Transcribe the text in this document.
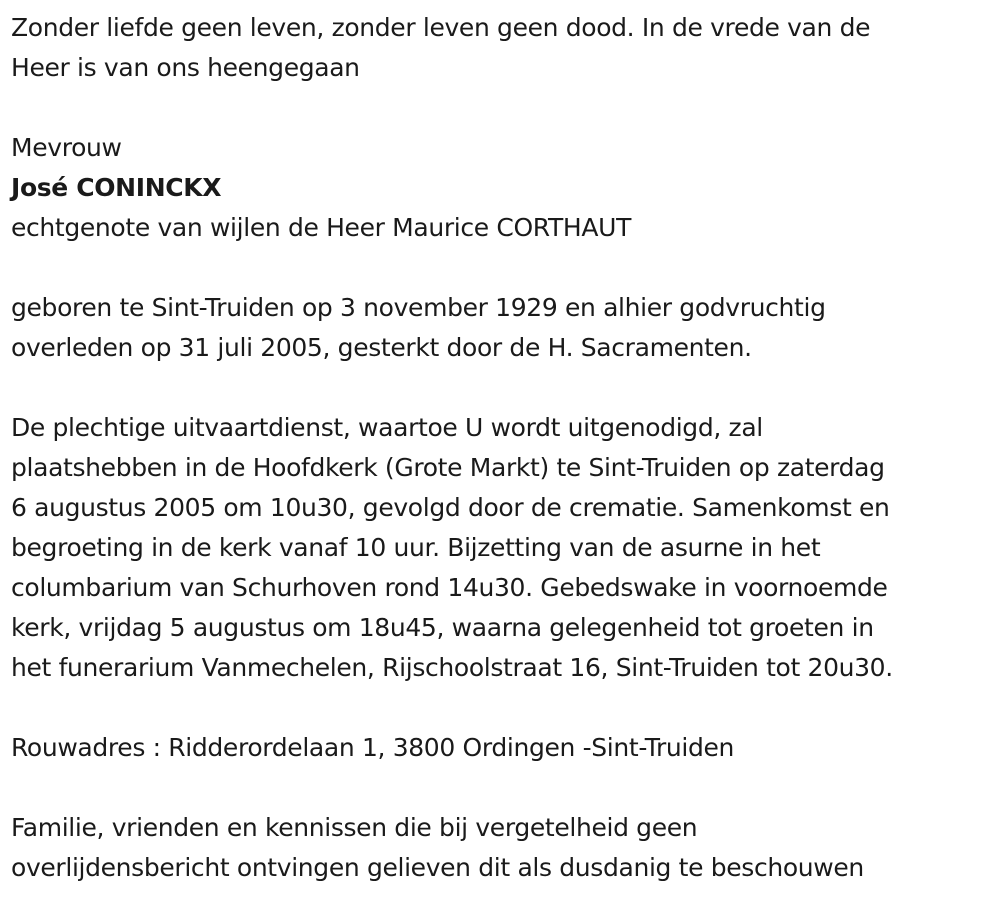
Zonder liefde geen leven, zonder leven geen dood. In de vrede van de
Heer is van ons heengegaan
Mevrouw
José CONINCKX
echtgenote van wijlen de Heer Maurice CORTHAUT
geboren te Sint-Truiden op 3 november 1929 en alhier godvruchtig
overleden op 31 juli 2005, gesterkt door de H. Sacramenten.
De plechtige uitvaartdienst, waartoe U wordt uitgenodigd, zal
plaatshebben in de Hoofdkerk (Grote Markt) te Sint-Truiden op zaterdag
6 augustus 2005 om 10u30, gevolgd door de crematie. Samenkomst en
begroeting in de kerk vanaf 10 uur. Bijzetting van de asurne in het
columbarium van Schurhoven rond 14u30. Gebedswake in voornoemde
kerk, vrijdag 5 augustus om 18u45, waarna gelegenheid tot groeten in
het funerarium Vanmechelen, Rijschoolstraat 16, Sint-Truiden tot 20u30.
Rouwadres : Ridderordelaan 1, 3800 Ordingen -Sint-Truiden
Familie, vrienden en kennissen die bij vergetelheid geen
overlijdensbericht ontvingen gelieven dit als dusdanig te beschouwen
